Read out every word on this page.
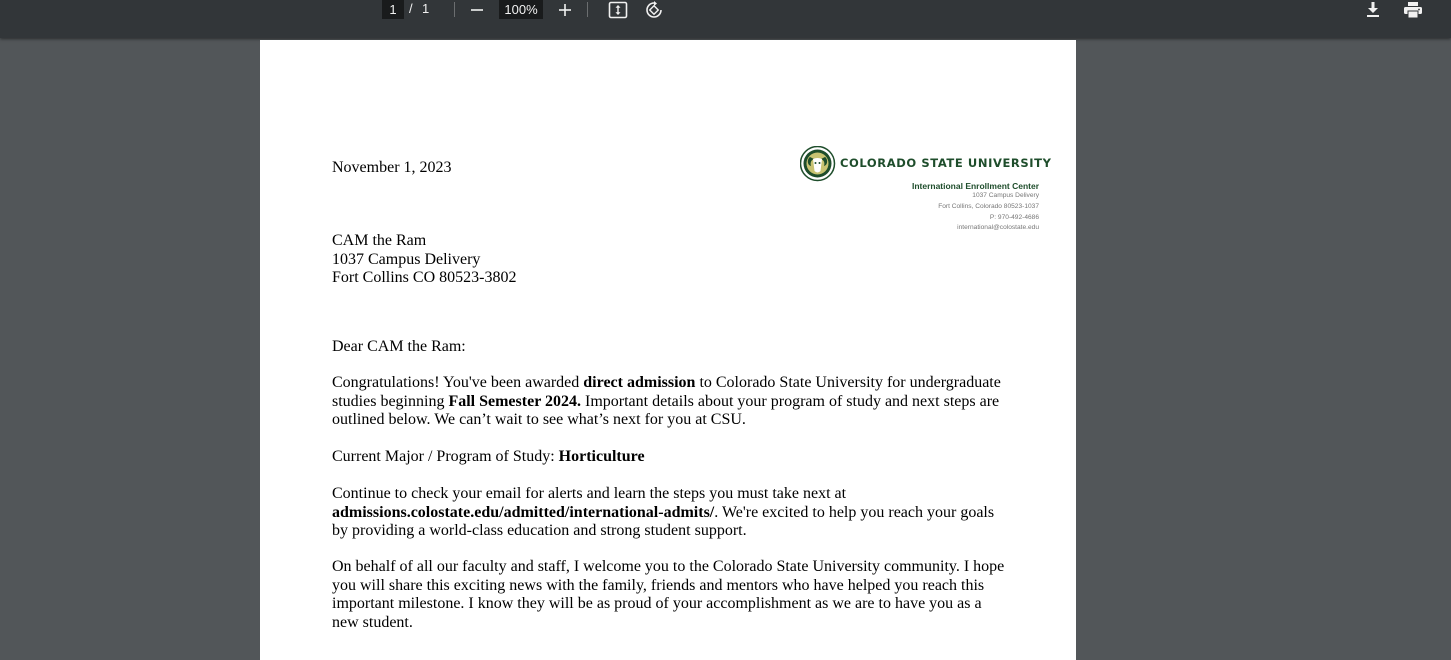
1 / 1	100%
November 1, 2023	COLORADO STATE UNIVERSITY
International Enrollment Center
1037 Campus Delivery
Fort Collins, Colorado 80523-1037
P: 970-492-4686
international@colostate.edu
CAM the Ram
1037 Campus Delivery
Fort Collins CO 80523-3802
Dear CAM the Ram:
Congratulations! You've been awarded direct admission to Colorado State University for undergraduate studies beginning Fall Semester 2024. Important details about your program of study and next steps are outlined below. We can’t wait to see what’s next for you at CSU.
Current Major / Program of Study: Horticulture
Continue to check your email for alerts and learn the steps you must take next at admissions.colostate.edu/admitted/international-admits/. We're excited to help you reach your goals by providing a world-class education and strong student support.
On behalf of all our faculty and staff, I welcome you to the Colorado State University community. I hope you will share this exciting news with the family, friends and mentors who have helped you reach this important milestone. I know they will be as proud of your accomplishment as we are to have you as a new student.
